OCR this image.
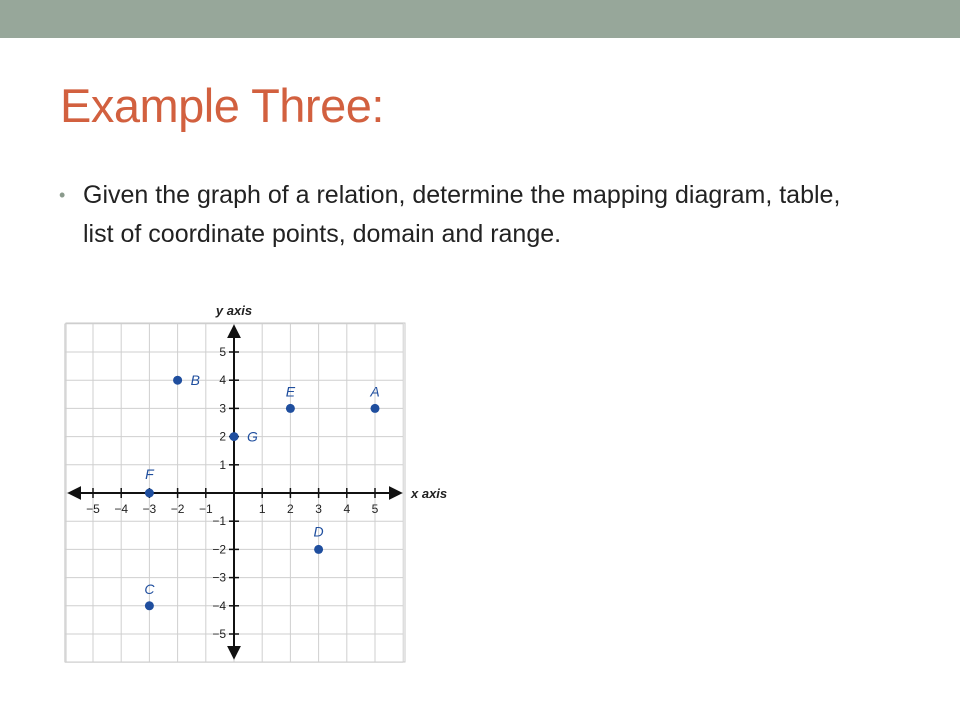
Example Three:
• Given the graph of a relation, determine the mapping diagram, table, list of coordinate points, domain and range.
−5 −4 −3 −2 −1	1 2 3 4 5
5
4
3
2
1
−1
−2
−3
−4
−5
A
B
C
D
E
F
G
x axis
y axis
